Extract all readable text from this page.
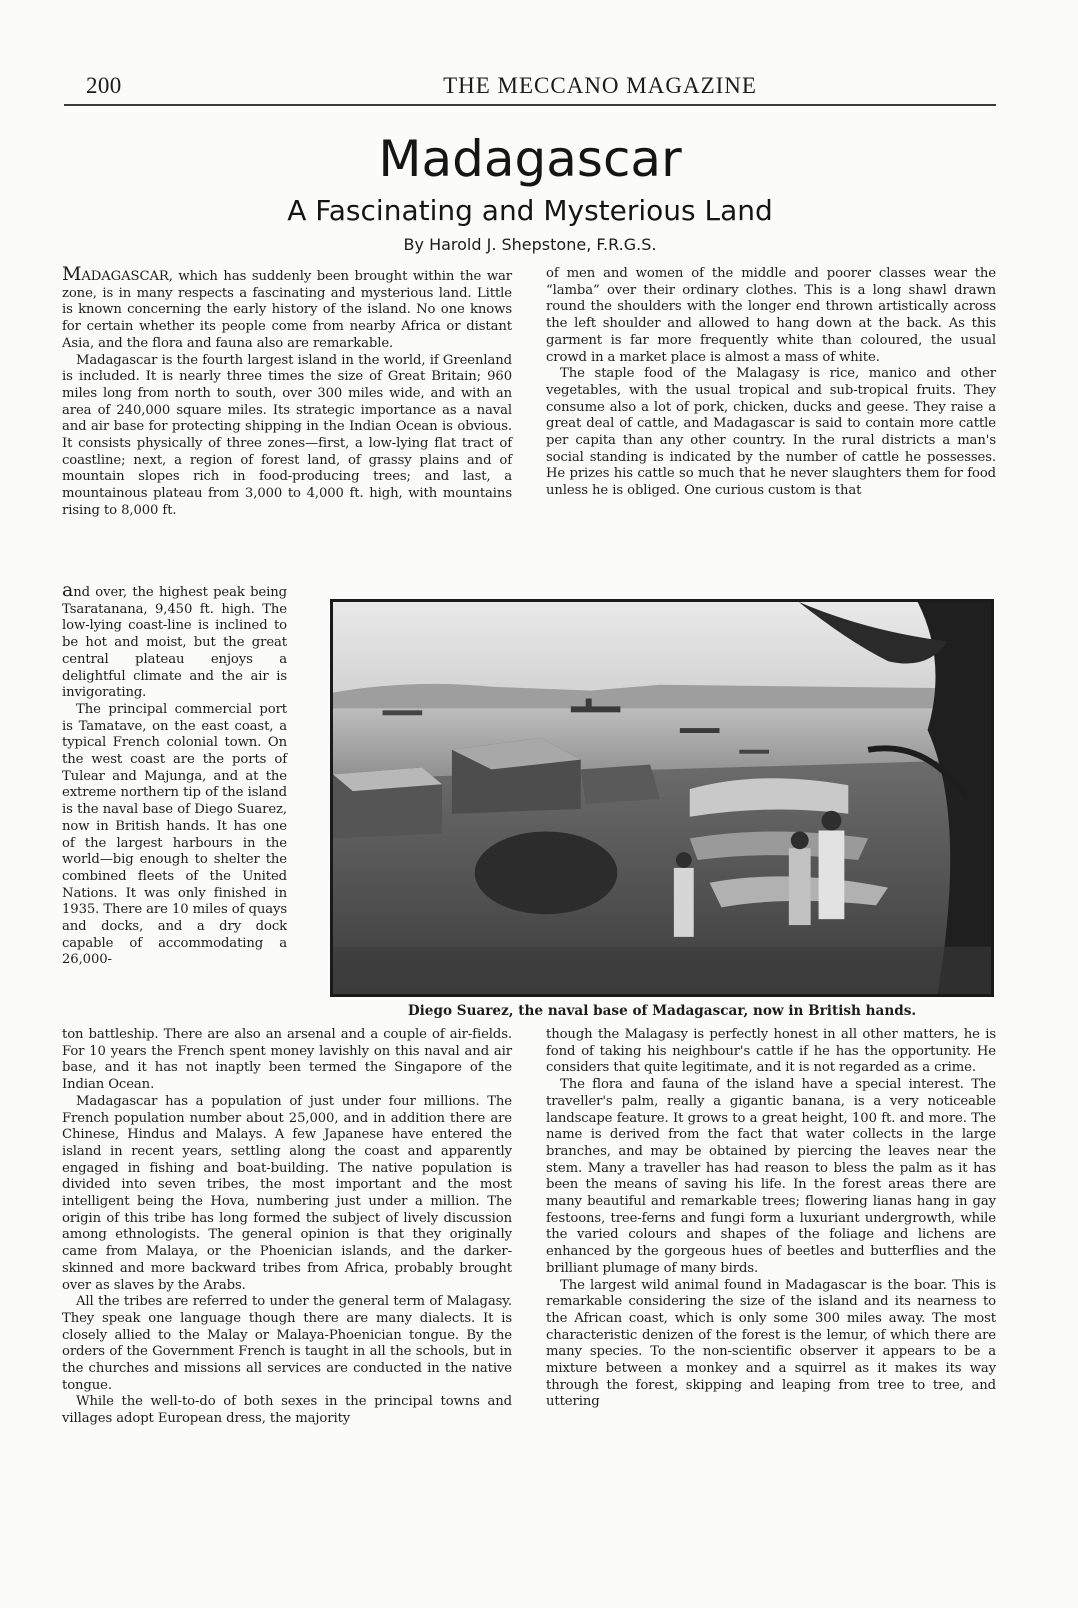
200	THE MECCANO MAGAZINE
Madagascar
A Fascinating and Mysterious Land
By Harold J. Shepstone, F.R.G.S.

MADAGASCAR, which has suddenly been brought within the war zone, is in many respects a fascinating and mysterious land. Little is known concerning the early history of the island. No one knows for certain whether its people come from nearby Africa or distant Asia, and the flora and fauna also are remarkable.

Madagascar is the fourth largest island in the world, if Greenland is included. It is nearly three times the size of Great Britain; 960 miles long from north to south, over 300 miles wide, and with an area of 240,000 square miles. Its strategic importance as a naval and air base for protecting shipping in the Indian Ocean is obvious. It consists physically of three zones—first, a low-lying flat tract of coastline; next, a region of forest land, of grassy plains and of mountain slopes rich in food-producing trees; and last, a mountainous plateau from 3,000 to 4,000 ft. high, with mountains rising to 8,000 ft.

and over, the highest peak being Tsaratanana, 9,450 ft. high. The low-lying coast-line is inclined to be hot and moist, but the great central plateau enjoys a delightful climate and the air is invigorating.

The principal commercial port is Tamatave, on the east coast, a typical French colonial town. On the west coast are the ports of Tulear and Majunga, and at the extreme northern tip of the island is the naval base of Diego Suarez, now in British hands. It has one of the largest harbours in the world—big enough to shelter the combined fleets of the United Nations. It was only finished in 1935. There are 10 miles of quays and docks, and a dry dock capable of accommodating a 26,000-

ton battleship. There are also an arsenal and a couple of air-fields. For 10 years the French spent money lavishly on this naval and air base, and it has not inaptly been termed the Singapore of the Indian Ocean.

Madagascar has a population of just under four millions. The French population number about 25,000, and in addition there are Chinese, Hindus and Malays. A few Japanese have entered the island in recent years, settling along the coast and apparently engaged in fishing and boat-building. The native population is divided into seven tribes, the most important and the most intelligent being the Hova, numbering just under a million. The origin of this tribe has long formed the subject of lively discussion among ethnologists. The general opinion is that they originally came from Malaya, or the Phoenician islands, and the darker-skinned and more backward tribes from Africa, probably brought over as slaves by the Arabs.

All the tribes are referred to under the general term of Malagasy. They speak one language though there are many dialects. It is closely allied to the Malay or Malaya-Phoenician tongue. By the orders of the Government French is taught in all the schools, but in the churches and missions all services are conducted in the native tongue.

While the well-to-do of both sexes in the principal towns and villages adopt European dress, the majority

of men and women of the middle and poorer classes wear the “lamba” over their ordinary clothes. This is a long shawl drawn round the shoulders with the longer end thrown artistically across the left shoulder and allowed to hang down at the back. As this garment is far more frequently white than coloured, the usual crowd in a market place is almost a mass of white.

The staple food of the Malagasy is rice, manico and other vegetables, with the usual tropical and sub-tropical fruits. They consume also a lot of pork, chicken, ducks and geese. They raise a great deal of cattle, and Madagascar is said to contain more cattle per capita than any other country. In the rural districts a man's social standing is indicated by the number of cattle he possesses. He prizes his cattle so much that he never slaughters them for food unless he is obliged. One curious custom is that

though the Malagasy is perfectly honest in all other matters, he is fond of taking his neighbour's cattle if he has the opportunity. He considers that quite legitimate, and it is not regarded as a crime.

The flora and fauna of the island have a special interest. The traveller's palm, really a gigantic banana, is a very noticeable landscape feature. It grows to a great height, 100 ft. and more. The name is derived from the fact that water collects in the large branches, and may be obtained by piercing the leaves near the stem. Many a traveller has had reason to bless the palm as it has been the means of saving his life. In the forest areas there are many beautiful and remarkable trees; flowering lianas hang in gay festoons, tree-ferns and fungi form a luxuriant undergrowth, while the varied colours and shapes of the foliage and lichens are enhanced by the gorgeous hues of beetles and butterflies and the brilliant plumage of many birds.

The largest wild animal found in Madagascar is the boar. This is remarkable considering the size of the island and its nearness to the African coast, which is only some 300 miles away. The most characteristic denizen of the forest is the lemur, of which there are many species. To the non-scientific observer it appears to be a mixture between a monkey and a squirrel as it makes its way through the forest, skipping and leaping from tree to tree, and uttering

Diego Suarez, the naval base of Madagascar, now in British hands.
